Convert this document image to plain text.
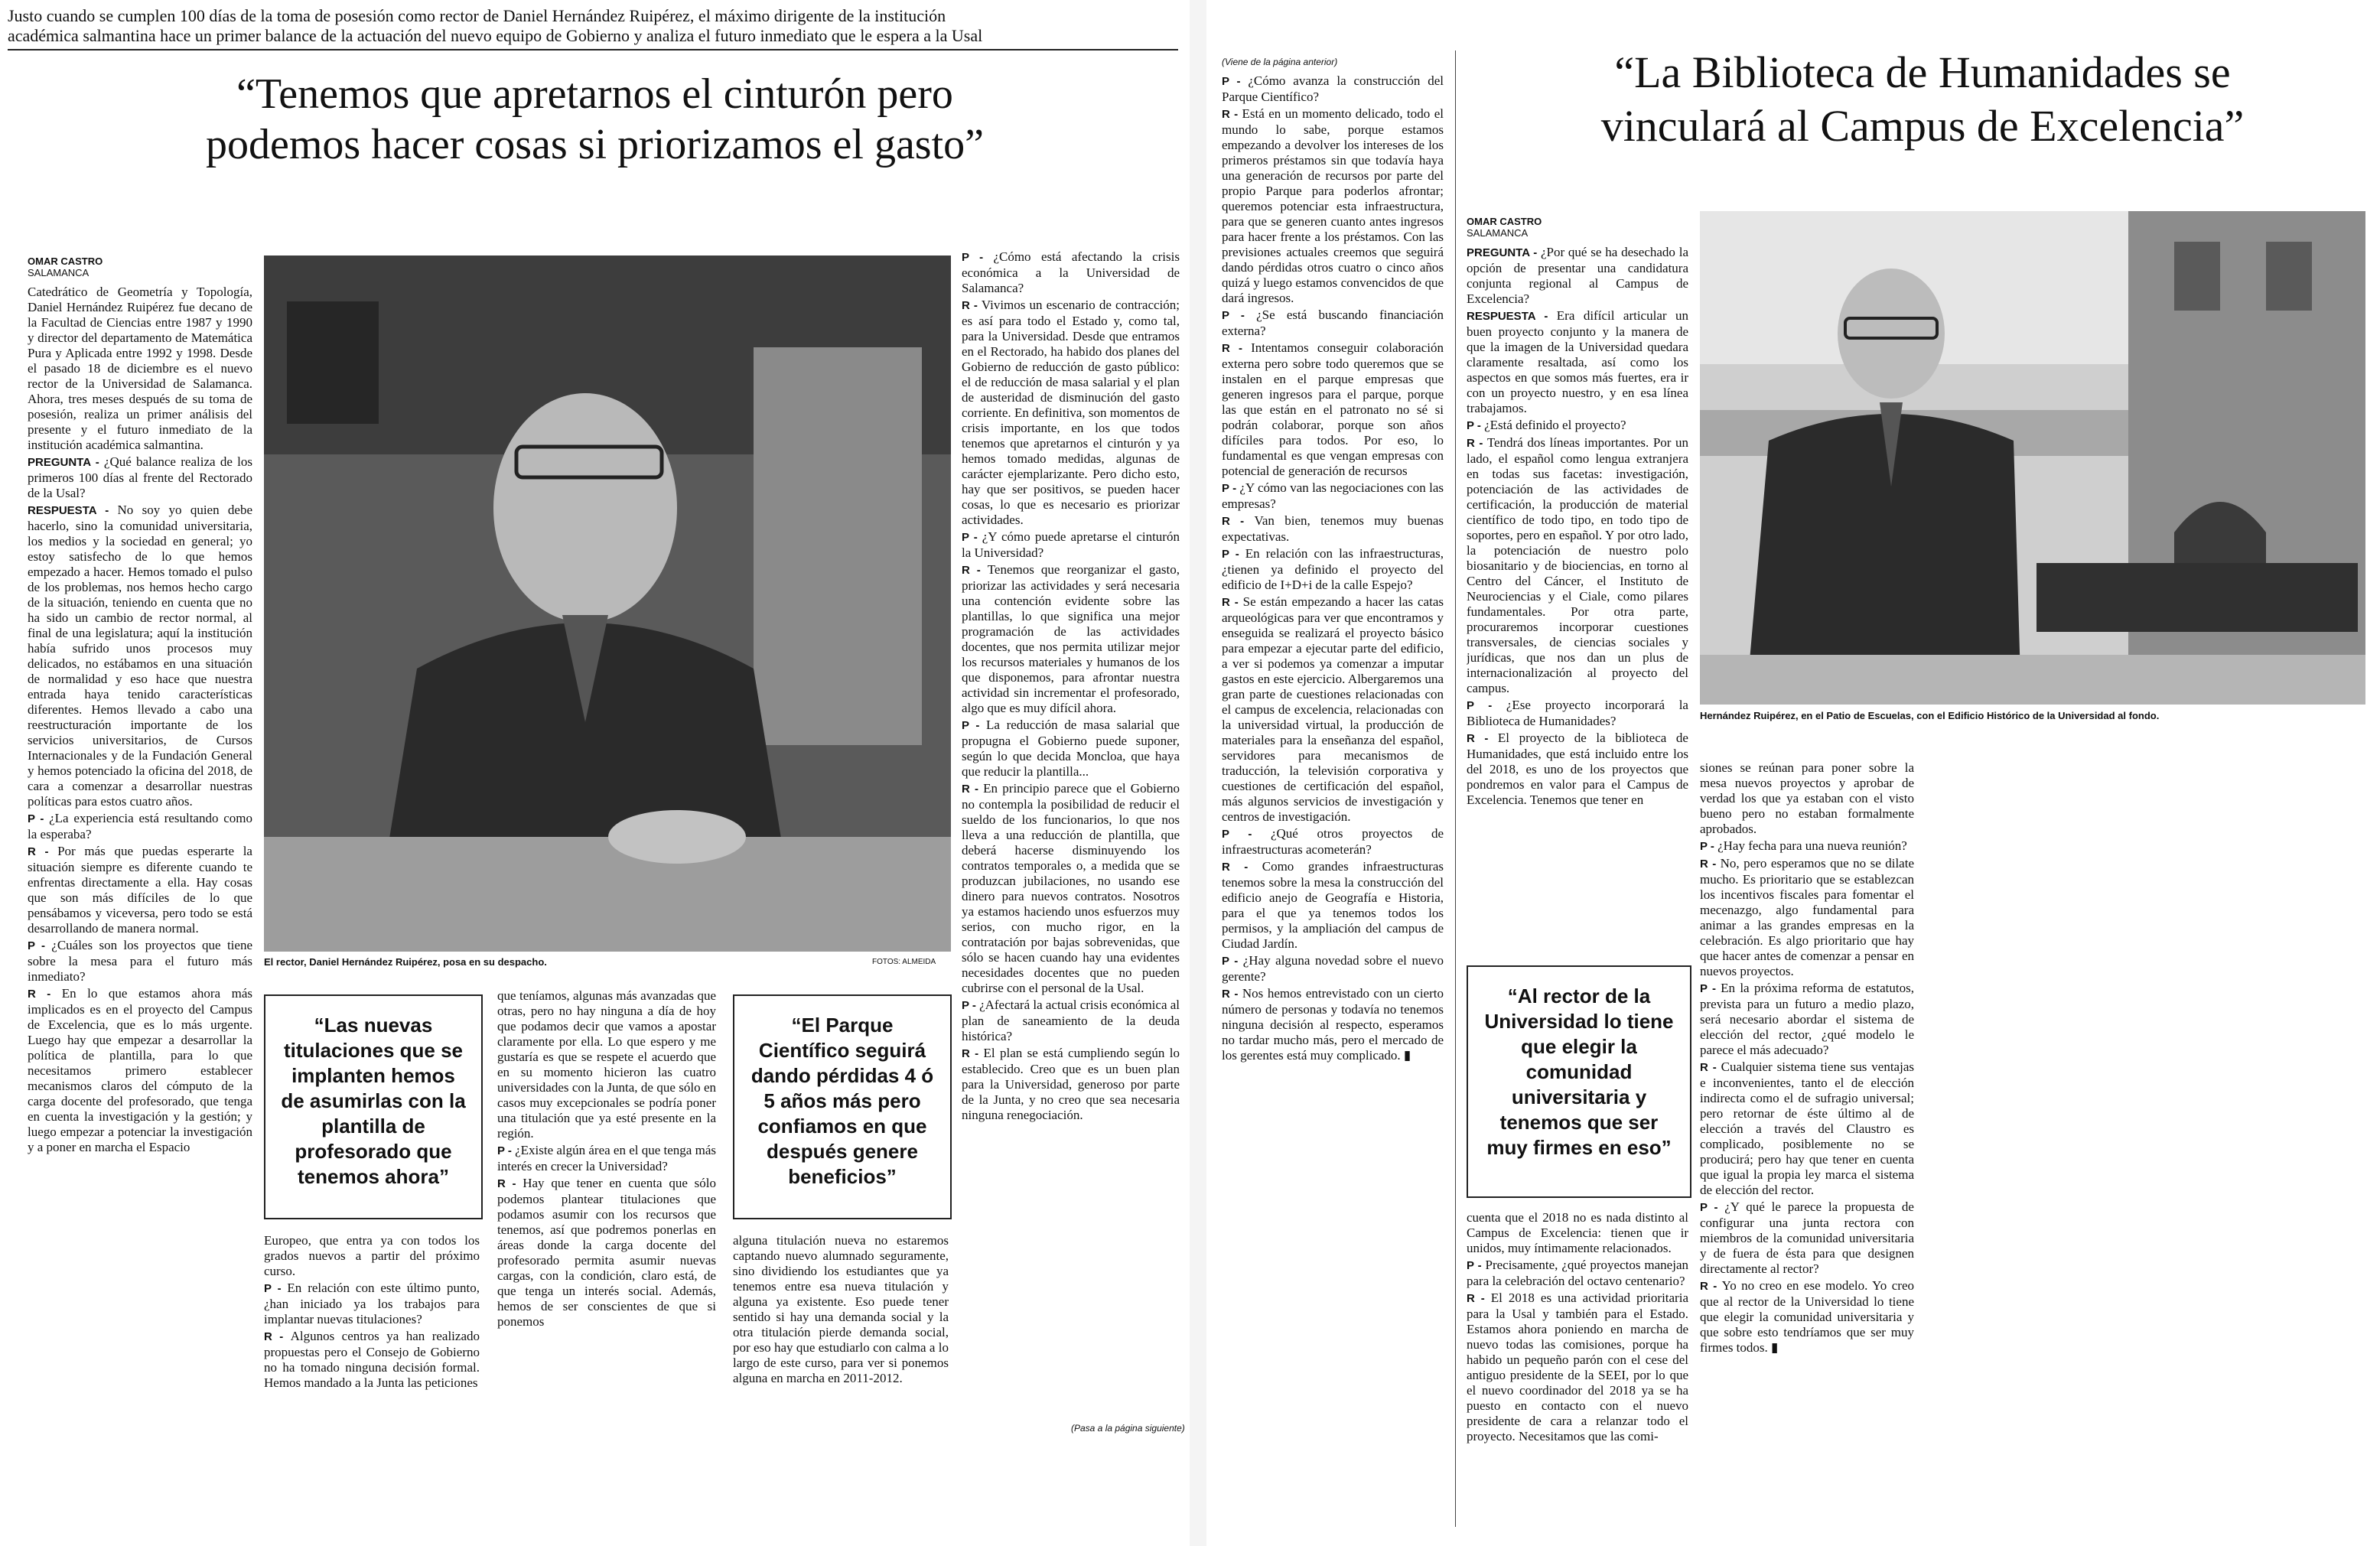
Justo cuando se cumplen 100 días de la toma de posesión como rector de Daniel Hernández Ruipérez, el máximo dirigente de la institución
académica salmantina hace un primer balance de la actuación del nuevo equipo de Gobierno y analiza el futuro inmediato que le espera a la Usal
“Tenemos que apretarnos el cinturón pero
podemos hacer cosas si priorizamos el gasto”
OMAR CASTRO
SALAMANCA

Catedrático de Geometría y Topología, Daniel Hernández Ruipérez fue decano de la Facultad de Ciencias entre 1987 y 1990 y director del departamento de Matemática Pura y Aplicada entre 1992 y 1998. Desde el pasado 18 de diciembre es el nuevo rector de la Universidad de Salamanca. Ahora, tres meses después de su toma de posesión, realiza un primer análisis del presente y el futuro inmediato de la institución académica salmantina.

PREGUNTA - ¿Qué balance realiza de los primeros 100 días al frente del Rectorado de la Usal?

RESPUESTA - No soy yo quien debe hacerlo, sino la comunidad universitaria, los medios y la sociedad en general; yo estoy satisfecho de lo que hemos empezado a hacer. Hemos tomado el pulso de los problemas, nos hemos hecho cargo de la situación, teniendo en cuenta que no ha sido un cambio de rector normal, al final de una legislatura; aquí la institución había sufrido unos procesos muy delicados, no estábamos en una situación de normalidad y eso hace que nuestra entrada haya tenido características diferentes. Hemos llevado a cabo una reestructuración importante de los servicios universitarios, de Cursos Internacionales y de la Fundación General y hemos potenciado la oficina del 2018, de cara a comenzar a desarrollar nuestras políticas para estos cuatro años.

P - ¿La experiencia está resultando como la esperaba?

R - Por más que puedas esperarte la situación siempre es diferente cuando te enfrentas directamente a ella. Hay cosas que son más difíciles de lo que pensábamos y viceversa, pero todo se está desarrollando de manera normal.

P - ¿Cuáles son los proyectos que tiene sobre la mesa para el futuro más inmediato?

R - En lo que estamos ahora más implicados es en el proyecto del Campus de Excelencia, que es lo más urgente. Luego hay que empezar a desarrollar la política de plantilla, para lo que necesitamos primero establecer mecanismos claros del cómputo de la carga docente del profesorado, que tenga en cuenta la investigación y la gestión; y luego empezar a potenciar la investigación y a poner en marcha el Espacio

El rector, Daniel Hernández Ruipérez, posa en su despacho.	FOTOS: ALMEIDA
“Las nuevas titulaciones que se implanten hemos de asumirlas con la plantilla de profesorado que tenemos ahora”

Europeo, que entra ya con todos los grados nuevos a partir del próximo curso.

P - En relación con este último punto, ¿han iniciado ya los trabajos para implantar nuevas titulaciones?

R - Algunos centros ya han realizado propuestas pero el Consejo de Gobierno no ha tomado ninguna decisión formal. Hemos mandado a la Junta las peticiones

que teníamos, algunas más avanzadas que otras, pero no hay ninguna a día de hoy que podamos decir que vamos a apostar claramente por ella. Lo que espero y me gustaría es que se respete el acuerdo que en su momento hicieron las cuatro universidades con la Junta, de que sólo en casos muy excepcionales se podría poner una titulación que ya esté presente en la región.

P - ¿Existe algún área en el que tenga más interés en crecer la Universidad?

R - Hay que tener en cuenta que sólo podemos plantear titulaciones que podamos asumir con los recursos que tenemos, así que podremos ponerlas en áreas donde la carga docente del profesorado permita asumir nuevas cargas, con la condición, claro está, de que tenga un interés social. Además, hemos de ser conscientes de que si ponemos

“El Parque Científico seguirá dando pérdidas 4 ó 5 años más pero confiamos en que después genere beneficios”

alguna titulación nueva no estaremos captando nuevo alumnado seguramente, sino dividiendo los estudiantes que ya tenemos entre esa nueva titulación y alguna ya existente. Eso puede tener sentido si hay una demanda social y la otra titulación pierde demanda social, por eso hay que estudiarlo con calma a lo largo de este curso, para ver si ponemos alguna en marcha en 2011-2012.

P - ¿Cómo está afectando la crisis económica a la Universidad de Salamanca?

R - Vivimos un escenario de contracción; es así para todo el Estado y, como tal, para la Universidad. Desde que entramos en el Rectorado, ha habido dos planes del Gobierno de reducción de gasto público: el de reducción de masa salarial y el plan de austeridad de disminución del gasto corriente. En definitiva, son momentos de crisis importante, en los que todos tenemos que apretarnos el cinturón y ya hemos tomado medidas, algunas de carácter ejemplarizante. Pero dicho esto, hay que ser positivos, se pueden hacer cosas, lo que es necesario es priorizar actividades.

P - ¿Y cómo puede apretarse el cinturón la Universidad?

R - Tenemos que reorganizar el gasto, priorizar las actividades y será necesaria una contención evidente sobre las plantillas, lo que significa una mejor programación de las actividades docentes, que nos permita utilizar mejor los recursos materiales y humanos de los que disponemos, para afrontar nuestra actividad sin incrementar el profesorado, algo que es muy difícil ahora.

P - La reducción de masa salarial que propugna el Gobierno puede suponer, según lo que decida Moncloa, que haya que reducir la plantilla...

R - En principio parece que el Gobierno no contempla la posibilidad de reducir el sueldo de los funcionarios, lo que nos lleva a una reducción de plantilla, que deberá hacerse disminuyendo los contratos temporales o, a medida que se produzcan jubilaciones, no usando ese dinero para nuevos contratos. Nosotros ya estamos haciendo unos esfuerzos muy serios, con mucho rigor, en la contratación por bajas sobrevenidas, que sólo se hacen cuando hay una evidentes necesidades docentes que no pueden cubrirse con el personal de la Usal.

P - ¿Afectará la actual crisis económica al plan de saneamiento de la deuda histórica?

R - El plan se está cumpliendo según lo establecido. Creo que es un buen plan para la Universidad, generoso por parte de la Junta, y no creo que sea necesaria ninguna renegociación.

(Pasa a la página siguiente)
(Viene de la página anterior)

P - ¿Cómo avanza la construcción del Parque Científico?

R - Está en un momento delicado, todo el mundo lo sabe, porque estamos empezando a devolver los intereses de los primeros préstamos sin que todavía haya una generación de recursos por parte del propio Parque para poderlos afrontar; queremos potenciar esta infraestructura, para que se generen cuanto antes ingresos para hacer frente a los préstamos. Con las previsiones actuales creemos que seguirá dando pérdidas otros cuatro o cinco años quizá y luego estamos convencidos de que dará ingresos.

P - ¿Se está buscando financiación externa?

R - Intentamos conseguir colaboración externa pero sobre todo queremos que se instalen en el parque empresas que generen ingresos para el parque, porque las que están en el patronato no sé si podrán colaborar, porque son años difíciles para todos. Por eso, lo fundamental es que vengan empresas con potencial de generación de recursos

P - ¿Y cómo van las negociaciones con las empresas?

R - Van bien, tenemos muy buenas expectativas.

P - En relación con las infraestructuras, ¿tienen ya definido el proyecto del edificio de I+D+i de la calle Espejo?

R - Se están empezando a hacer las catas arqueológicas para ver que encontramos y enseguida se realizará el proyecto básico para empezar a ejecutar parte del edificio, a ver si podemos ya comenzar a imputar gastos en este ejercicio. Albergaremos una gran parte de cuestiones relacionadas con el campus de excelencia, relacionadas con la universidad virtual, la producción de materiales para la enseñanza del español, servidores para mecanismos de traducción, la televisión corporativa y cuestiones de certificación del español, más algunos servicios de investigación y centros de investigación.

P - ¿Qué otros proyectos de infraestructuras acometerán?

R - Como grandes infraestructuras tenemos sobre la mesa la construcción del edificio anejo de Geografía e Historia, para el que ya tenemos todos los permisos, y la ampliación del campus de Ciudad Jardín.

P - ¿Hay alguna novedad sobre el nuevo gerente?

R - Nos hemos entrevistado con un cierto número de personas y todavía no tenemos ninguna decisión al respecto, esperamos no tardar mucho más, pero el mercado de los gerentes está muy complicado. ▮

“La Biblioteca de Humanidades se
vinculará al Campus de Excelencia”
OMAR CASTRO
SALAMANCA

PREGUNTA - ¿Por qué se ha desechado la opción de presentar una candidatura conjunta regional al Campus de Excelencia?

RESPUESTA - Era difícil articular un buen proyecto conjunto y la manera de que la imagen de la Universidad quedara claramente resaltada, así como los aspectos en que somos más fuertes, era ir con un proyecto nuestro, y en esa línea trabajamos.

P - ¿Está definido el proyecto?

R - Tendrá dos líneas importantes. Por un lado, el español como lengua extranjera en todas sus facetas: investigación, potenciación de las actividades de certificación, la producción de material científico de todo tipo, en todo tipo de soportes, pero en español. Y por otro lado, la potenciación de nuestro polo biosanitario y de biociencias, en torno al Centro del Cáncer, el Instituto de Neurociencias y el Ciale, como pilares fundamentales. Por otra parte, procuraremos incorporar cuestiones transversales, de ciencias sociales y jurídicas, que nos dan un plus de internacionalización al proyecto del campus.

P - ¿Ese proyecto incorporará la Biblioteca de Humanidades?

R - El proyecto de la biblioteca de Humanidades, que está incluido entre los del 2018, es uno de los proyectos que pondremos en valor para el Campus de Excelencia. Tenemos que tener en

“Al rector de la Universidad lo tiene que elegir la comunidad universitaria y tenemos que ser muy firmes en eso”

cuenta que el 2018 no es nada distinto al Campus de Excelencia: tienen que ir unidos, muy íntimamente relacionados.

P - Precisamente, ¿qué proyectos manejan para la celebración del octavo centenario?

R - El 2018 es una actividad prioritaria para la Usal y también para el Estado. Estamos ahora poniendo en marcha de nuevo todas las comisiones, porque ha habido un pequeño parón con el cese del antiguo presidente de la SEEI, por lo que el nuevo coordinador del 2018 ya se ha puesto en contacto con el nuevo presidente de cara a relanzar todo el proyecto. Necesitamos que las comi-

Hernández Ruipérez, en el Patio de Escuelas, con el Edificio Histórico de la Universidad al fondo.

siones se reúnan para poner sobre la mesa nuevos proyectos y aprobar de verdad los que ya estaban con el visto bueno pero no estaban formalmente aprobados.

P - ¿Hay fecha para una nueva reunión?

R - No, pero esperamos que no se dilate mucho. Es prioritario que se establezcan los incentivos fiscales para fomentar el mecenazgo, algo fundamental para animar a las grandes empresas en la celebración. Es algo prioritario que hay que hacer antes de comenzar a pensar en nuevos proyectos.

P - En la próxima reforma de estatutos, prevista para un futuro a medio plazo, será necesario abordar el sistema de elección del rector, ¿qué modelo le parece el más adecuado?

R - Cualquier sistema tiene sus ventajas e inconvenientes, tanto el de elección indirecta como el de sufragio universal; pero retornar de éste último al de elección a través del Claustro es complicado, posiblemente no se producirá; pero hay que tener en cuenta que igual la propia ley marca el sistema de elección del rector.

P - ¿Y qué le parece la propuesta de configurar una junta rectora con miembros de la comunidad universitaria y de fuera de ésta para que designen directamente al rector?

R - Yo no creo en ese modelo. Yo creo que al rector de la Universidad lo tiene que elegir la comunidad universitaria y que sobre esto tendríamos que ser muy firmes todos. ▮
